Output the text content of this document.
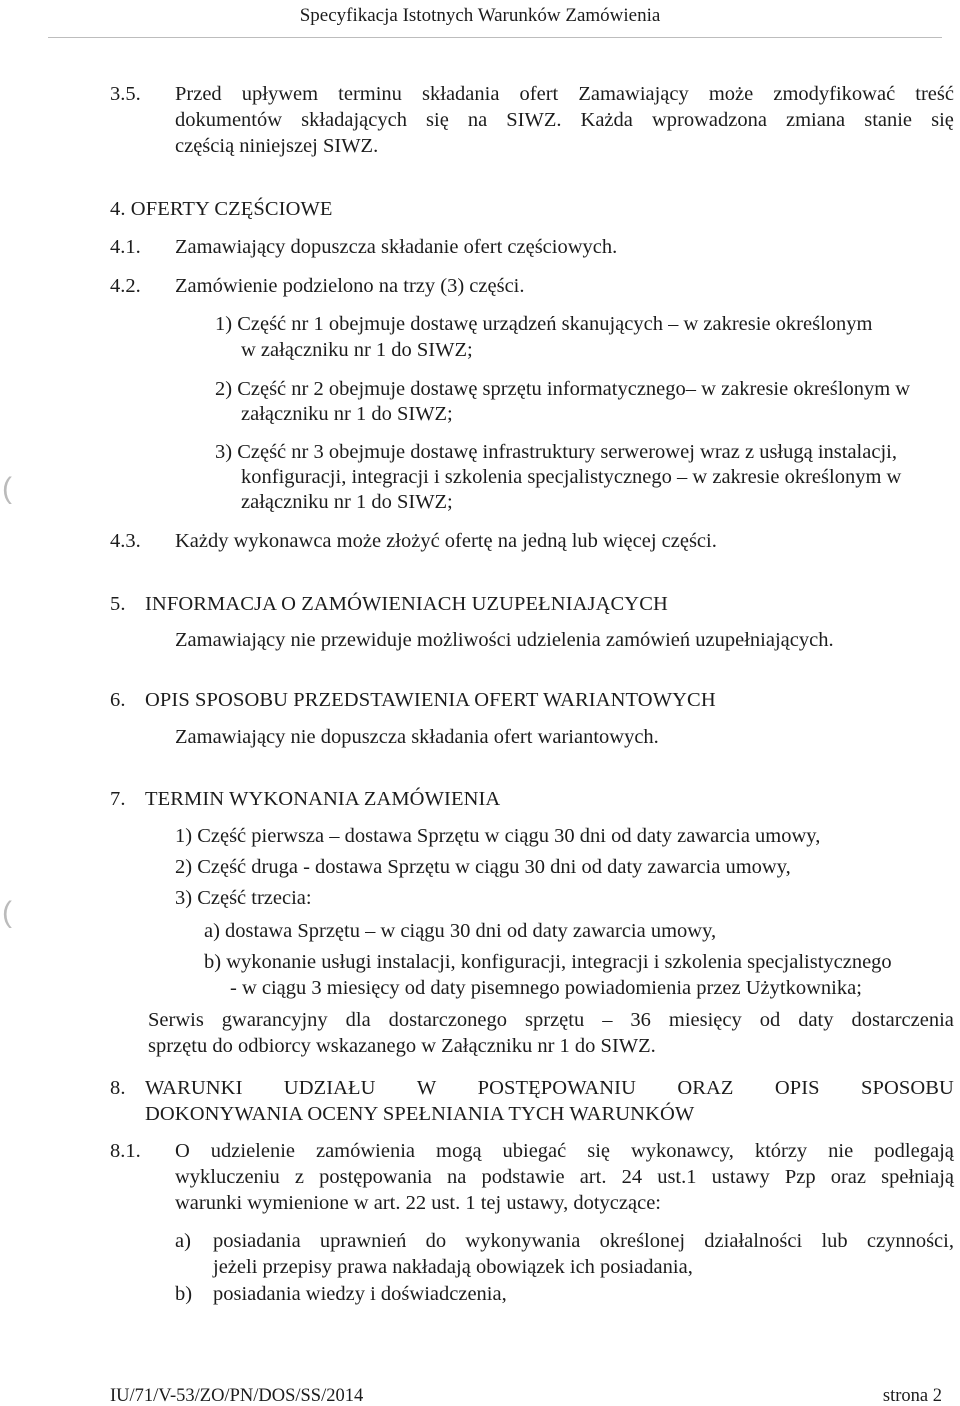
Specyfikacja Istotnych Warunków Zamówienia
3.5. Przed upływem terminu składania ofert Zamawiający może zmodyfikować treść
dokumentów składających się na SIWZ. Każda wprowadzona zmiana stanie się
częścią niniejszej SIWZ.
4. OFERTY CZĘŚCIOWE
4.1. Zamawiający dopuszcza składanie ofert częściowych.
4.2. Zamówienie podzielono na trzy (3) części.
1) Część nr 1 obejmuje dostawę urządzeń skanujących – w zakresie określonym
w załączniku nr 1 do SIWZ;
2) Część nr 2 obejmuje dostawę sprzętu informatycznego– w zakresie określonym w
załączniku nr 1 do SIWZ;
3) Część nr 3 obejmuje dostawę infrastruktury serwerowej wraz z usługą instalacji,
konfiguracji, integracji i szkolenia specjalistycznego – w zakresie określonym w
załączniku nr 1 do SIWZ;
4.3. Każdy wykonawca może złożyć ofertę na jedną lub więcej części.
5. INFORMACJA O ZAMÓWIENIACH UZUPEŁNIAJĄCYCH
Zamawiający nie przewiduje możliwości udzielenia zamówień uzupełniających.
6. OPIS SPOSOBU PRZEDSTAWIENIA OFERT WARIANTOWYCH
Zamawiający nie dopuszcza składania ofert wariantowych.
7. TERMIN WYKONANIA ZAMÓWIENIA
1) Część pierwsza – dostawa Sprzętu w ciągu 30 dni od daty zawarcia umowy,
2) Część druga - dostawa Sprzętu w ciągu 30 dni od daty zawarcia umowy,
3) Część trzecia:
a) dostawa Sprzętu – w ciągu 30 dni od daty zawarcia umowy,
b) wykonanie usługi instalacji, konfiguracji, integracji i szkolenia specjalistycznego
- w ciągu 3 miesięcy od daty pisemnego powiadomienia przez Użytkownika;
Serwis gwarancyjny dla dostarczonego sprzętu – 36 miesięcy od daty dostarczenia
sprzętu do odbiorcy wskazanego w Załączniku nr 1 do SIWZ.
8. WARUNKI UDZIAŁU W POSTĘPOWANIU ORAZ OPIS SPOSOBU
DOKONYWANIA OCENY SPEŁNIANIA TYCH WARUNKÓW
8.1. O udzielenie zamówienia mogą ubiegać się wykonawcy, którzy nie podlegają
wykluczeniu z postępowania na podstawie art. 24 ust.1 ustawy Pzp oraz spełniają
warunki wymienione w art. 22 ust. 1 tej ustawy, dotyczące:
a) posiadania uprawnień do wykonywania określonej działalności lub czynności,
jeżeli przepisy prawa nakładają obowiązek ich posiadania,
b) posiadania wiedzy i doświadczenia,
(
(
IU/71/V-53/ZO/PN/DOS/SS/2014	strona 2
